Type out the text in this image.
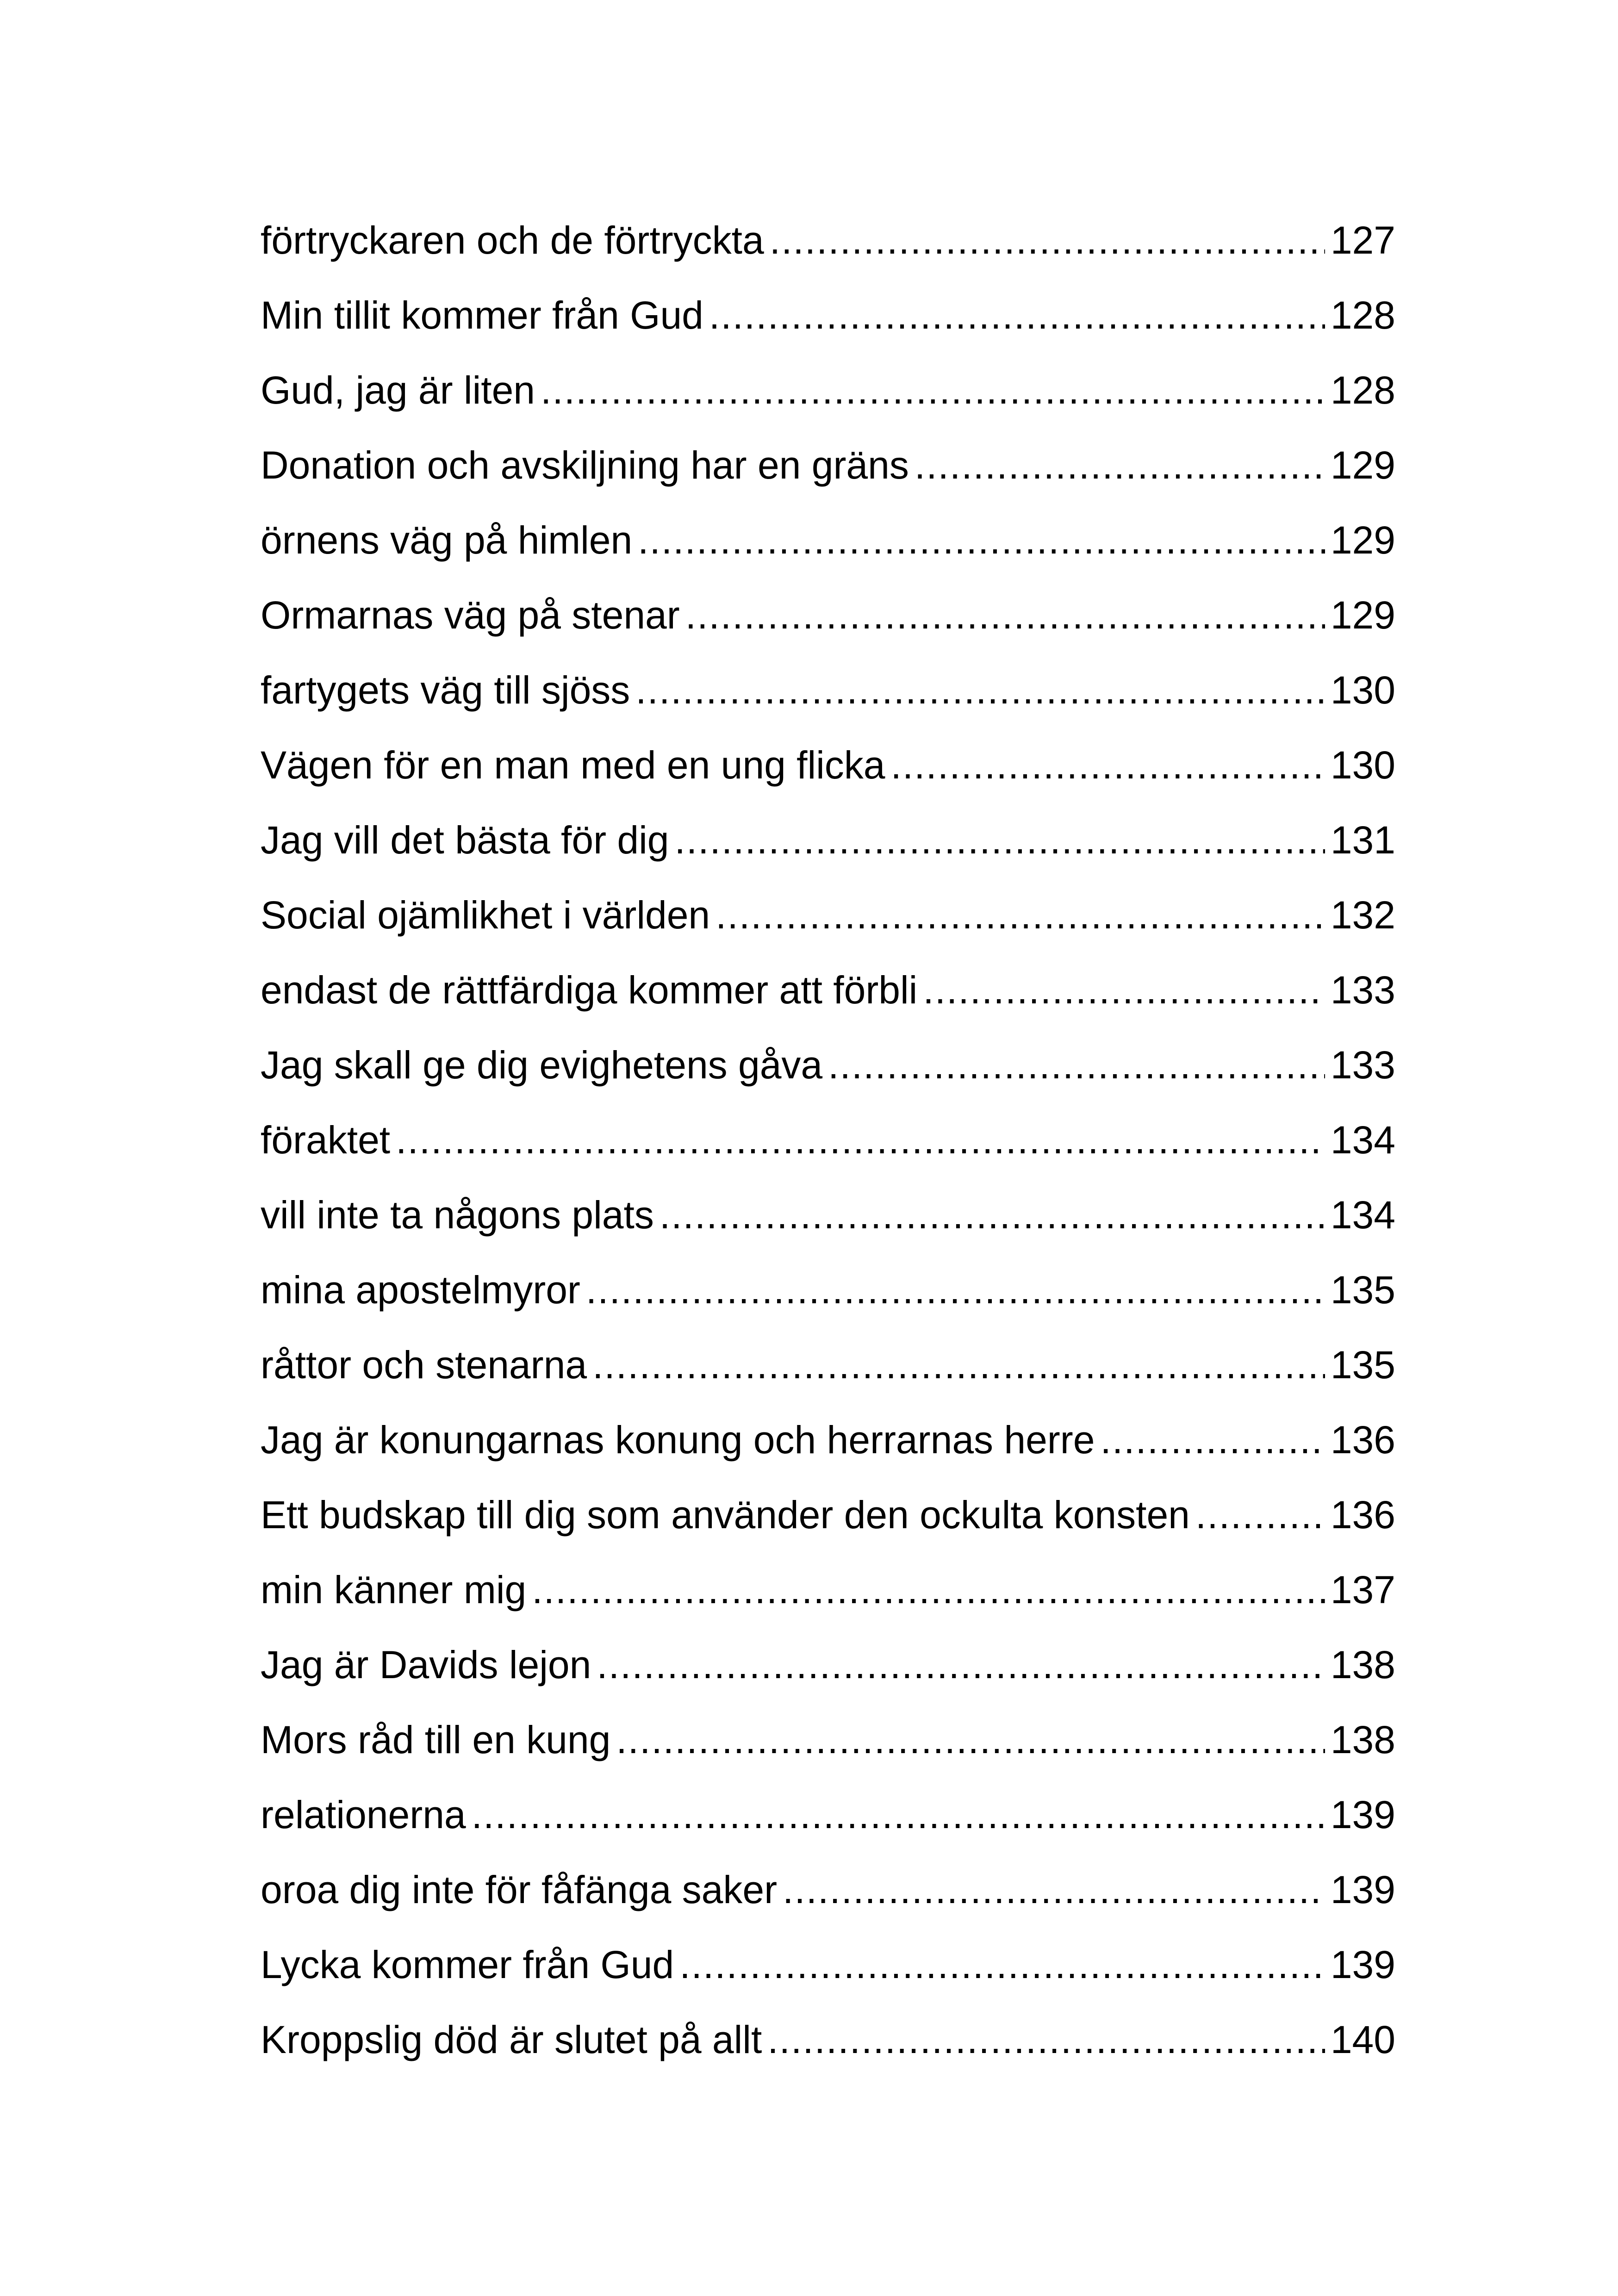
förtryckaren och de förtryckta .....	127
Min tillit kommer från Gud .....	128
Gud, jag är liten .....	128
Donation och avskiljning har en gräns .....	129
örnens väg på himlen .....	129
Ormarnas väg på stenar .....	129
fartygets väg till sjöss .....	130
Vägen för en man med en ung flicka .....	130
Jag vill det bästa för dig .....	131
Social ojämlikhet i världen .....	132
endast de rättfärdiga kommer att förbli .....	133
Jag skall ge dig evighetens gåva .....	133
föraktet .....	134
vill inte ta någons plats .....	134
mina apostelmyror .....	135
råttor och stenarna .....	135
Jag är konungarnas konung och herrarnas herre .....	136
Ett budskap till dig som använder den ockulta konsten .....	136
min känner mig .....	137
Jag är Davids lejon .....	138
Mors råd till en kung .....	138
relationerna .....	139
oroa dig inte för fåfänga saker .....	139
Lycka kommer från Gud .....	139
Kroppslig död är slutet på allt .....	140
